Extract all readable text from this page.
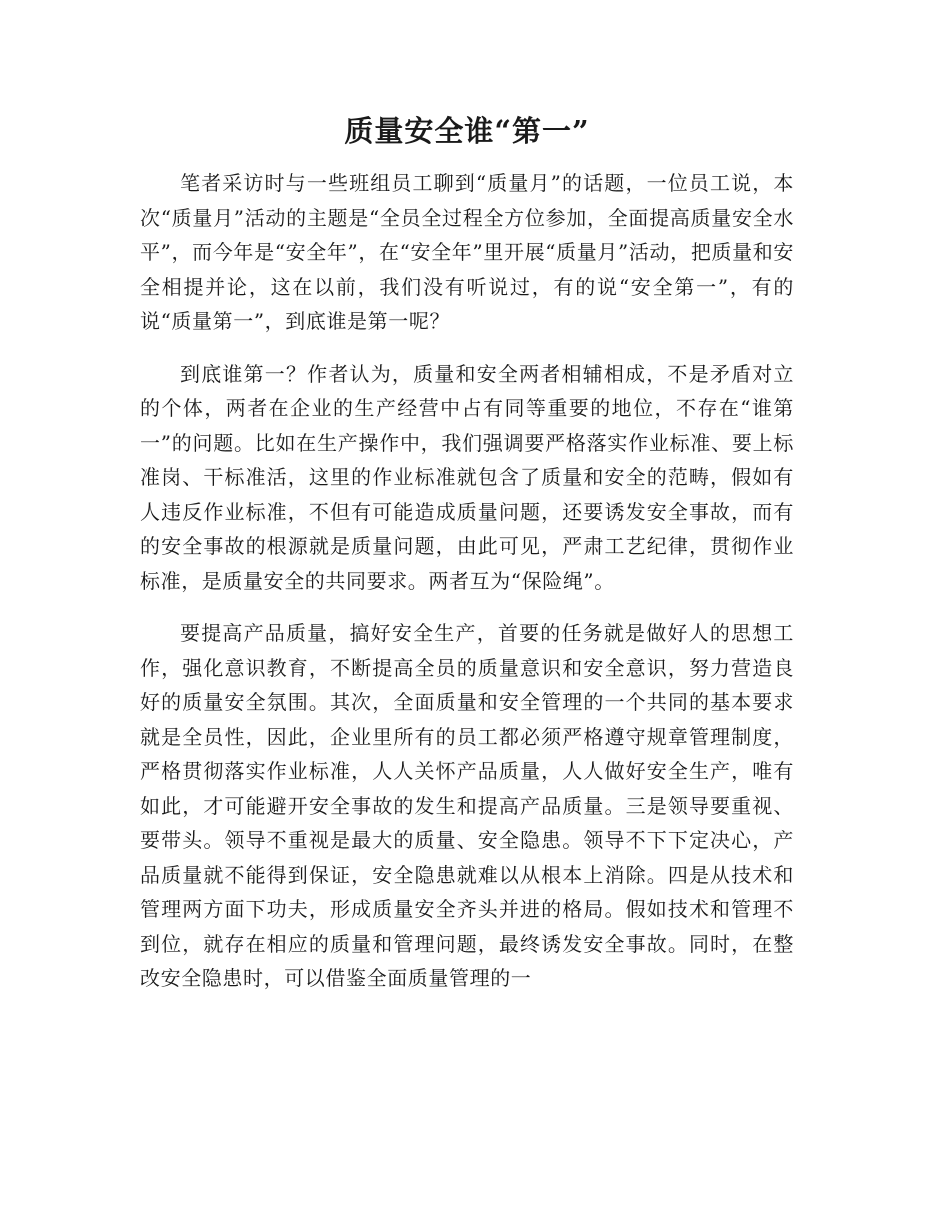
质量安全谁“第一”

笔者采访时与一些班组员工聊到“质量月”的话题，一位员工说，本次“质量月”活动的主题是“全员全过程全方位参加，全面提高质量安全水平”，而今年是“安全年”，在“安全年”里开展“质量月”活动，把质量和安全相提并论，这在以前，我们没有听说过，有的说“安全第一”，有的说“质量第一”，到底谁是第一呢？

到底谁第一？作者认为，质量和安全两者相辅相成，不是矛盾对立的个体，两者在企业的生产经营中占有同等重要的地位，不存在“谁第一”的问题。比如在生产操作中，我们强调要严格落实作业标准、要上标准岗、干标准活，这里的作业标准就包含了质量和安全的范畴，假如有人违反作业标准，不但有可能造成质量问题，还要诱发安全事故，而有的安全事故的根源就是质量问题，由此可见，严肃工艺纪律，贯彻作业标准，是质量安全的共同要求。两者互为“保险绳”。

要提高产品质量，搞好安全生产，首要的任务就是做好人的思想工作，强化意识教育，不断提高全员的质量意识和安全意识，努力营造良好的质量安全氛围。其次，全面质量和安全管理的一个共同的基本要求就是全员性，因此，企业里所有的员工都必须严格遵守规章管理制度，严格贯彻落实作业标准，人人关怀产品质量，人人做好安全生产，唯有如此，才可能避开安全事故的发生和提高产品质量。三是领导要重视、要带头。领导不重视是最大的质量、安全隐患。领导不下下定决心，产品质量就不能得到保证，安全隐患就难以从根本上消除。四是从技术和管理两方面下功夫，形成质量安全齐头并进的格局。假如技术和管理不到位，就存在相应的质量和管理问题，最终诱发安全事故。同时，在整改安全隐患时，可以借鉴全面质量管理的一
